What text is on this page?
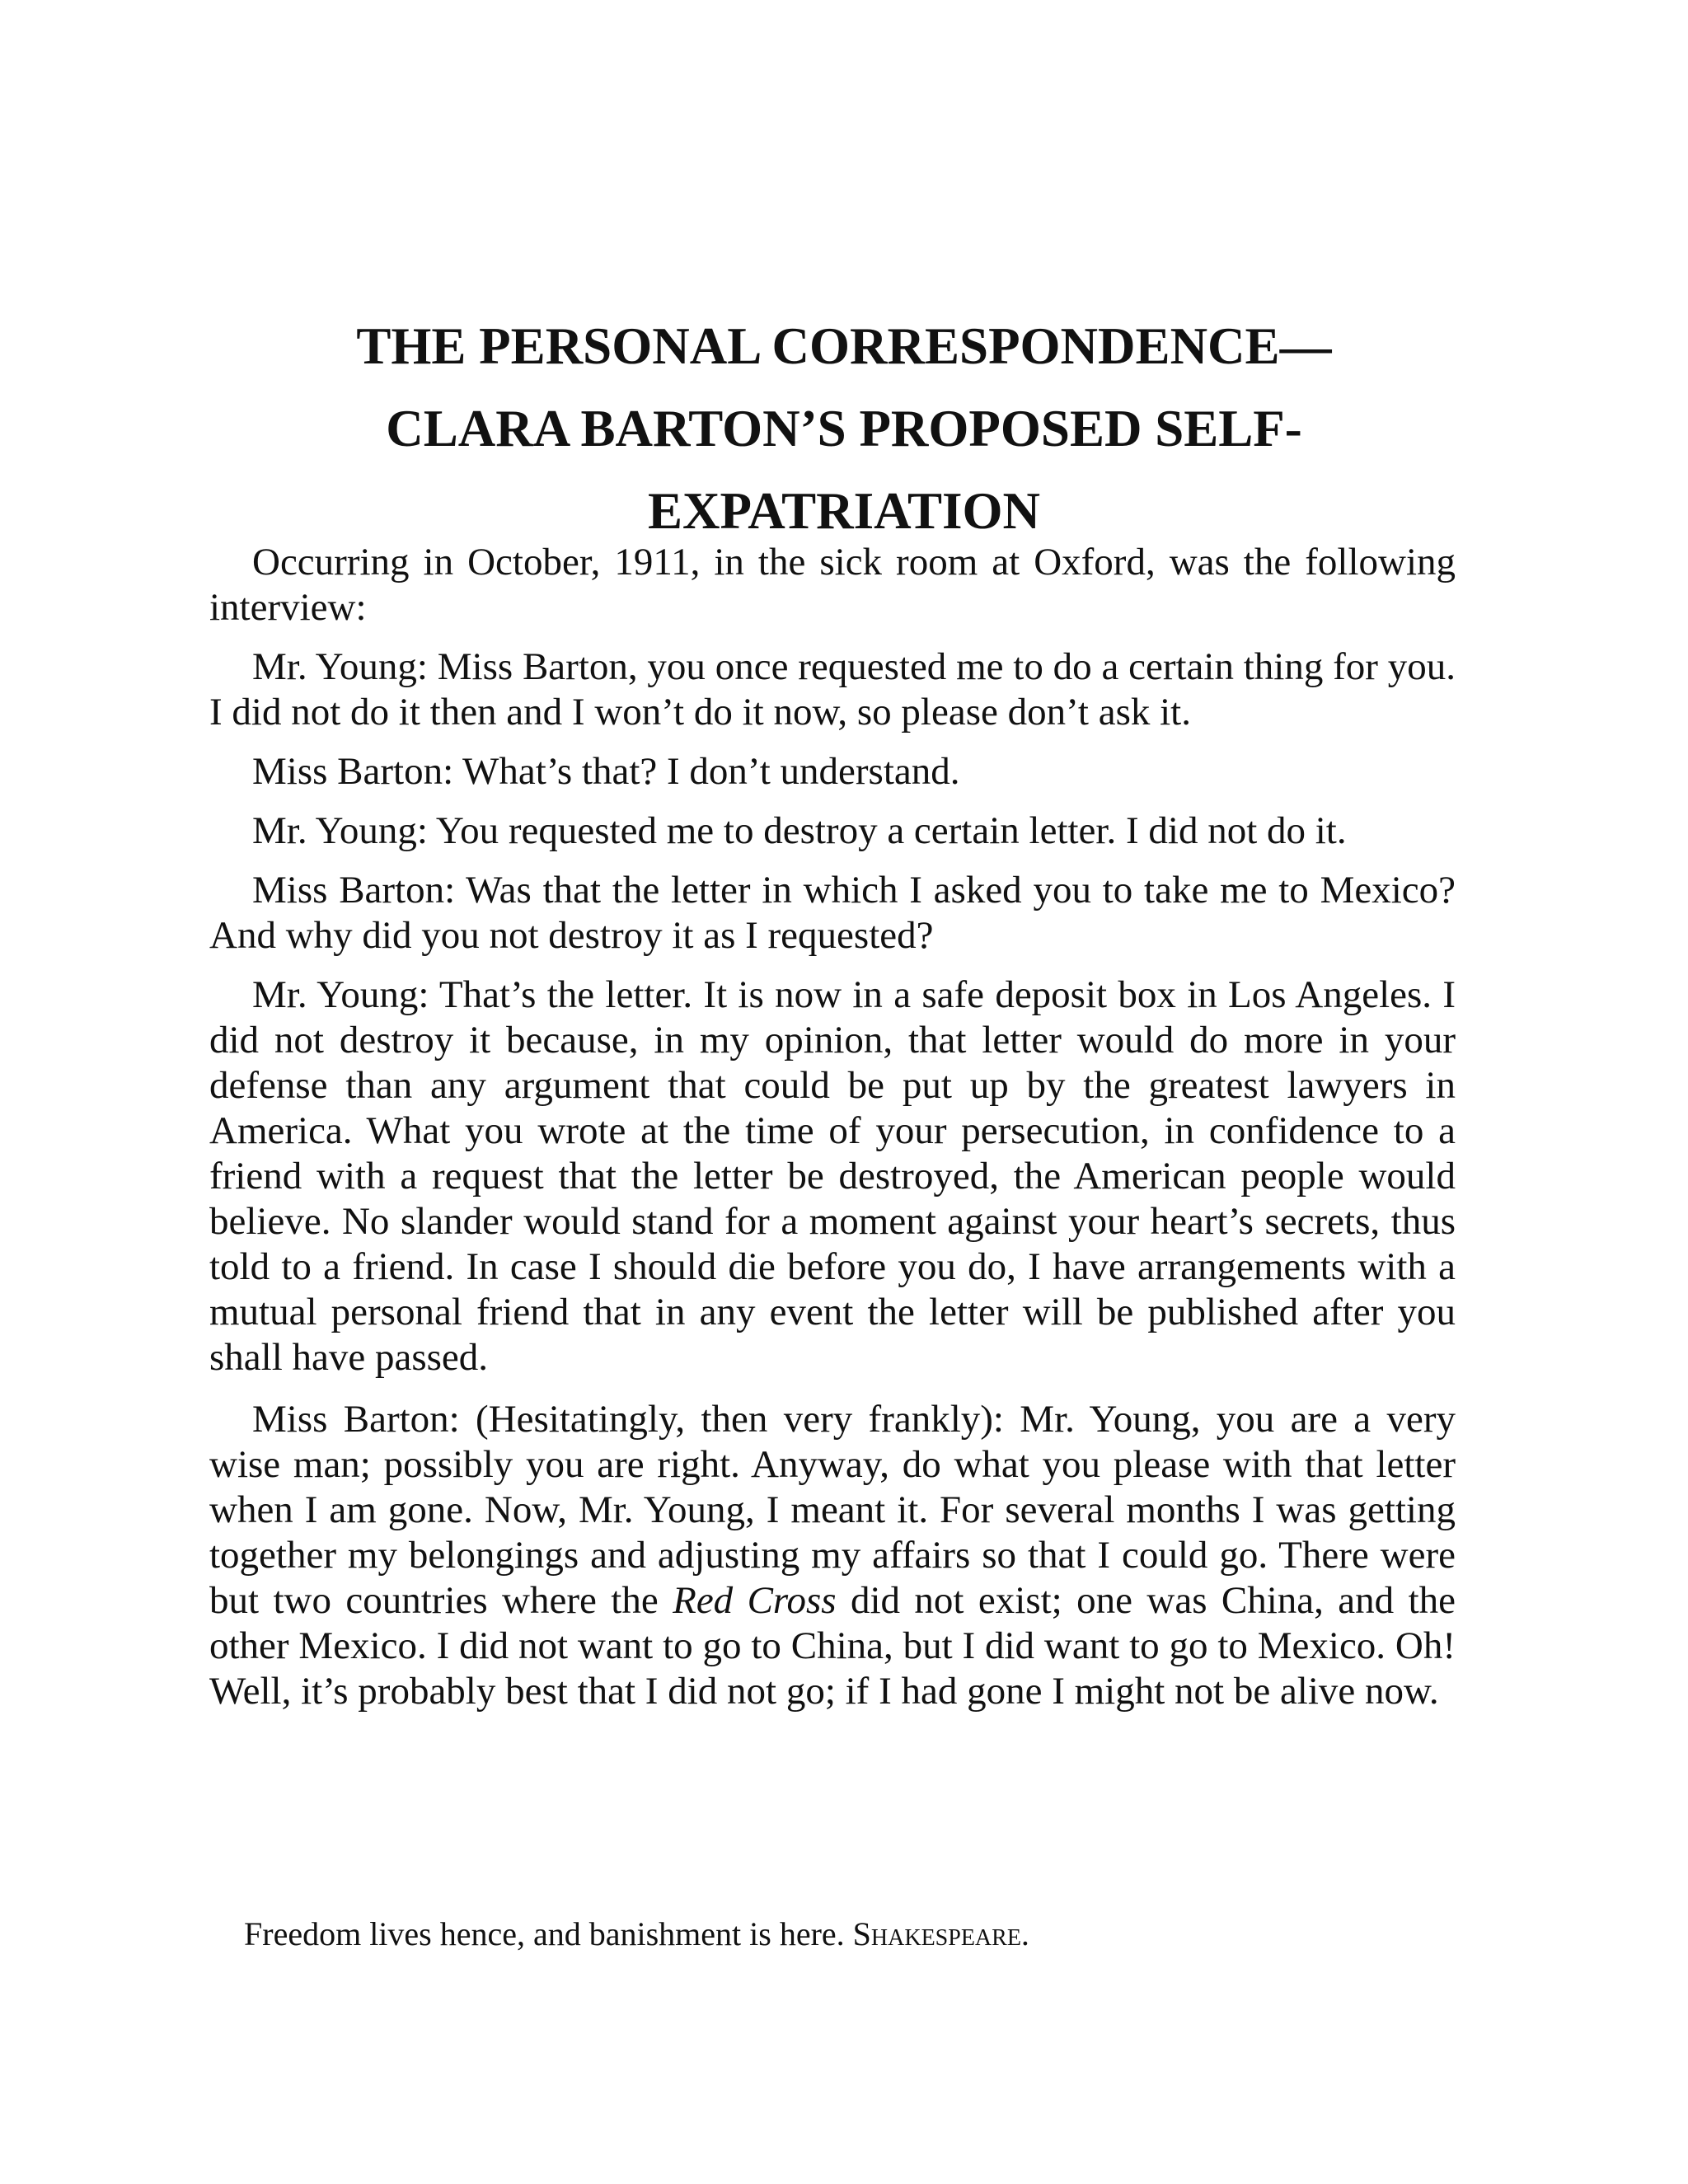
THE PERSONAL CORRESPONDENCE—
CLARA BARTON’S PROPOSED SELF-
EXPATRIATION

Occurring in October, 1911, in the sick room at Oxford, was the following interview:

Mr. Young: Miss Barton, you once requested me to do a certain thing for you. I did not do it then and I won’t do it now, so please don’t ask it.

Miss Barton: What’s that? I don’t understand.

Mr. Young: You requested me to destroy a certain letter. I did not do it.

Miss Barton: Was that the letter in which I asked you to take me to Mexico? And why did you not destroy it as I requested?

Mr. Young: That’s the letter. It is now in a safe deposit box in Los Angeles. I did not destroy it because, in my opinion, that letter would do more in your defense than any argument that could be put up by the greatest lawyers in America. What you wrote at the time of your persecution, in confidence to a friend with a request that the letter be destroyed, the American people would believe. No slander would stand for a moment against your heart’s secrets, thus told to a friend. In case I should die before you do, I have arrangements with a mutual personal friend that in any event the letter will be published after you shall have passed.

Miss Barton: (Hesitatingly, then very frankly): Mr. Young, you are a very wise man; possibly you are right. Anyway, do what you please with that letter when I am gone. Now, Mr. Young, I meant it. For several months I was getting together my belongings and adjusting my affairs so that I could go. There were but two countries where the Red Cross did not exist; one was China, and the other Mexico. I did not want to go to China, but I did want to go to Mexico. Oh! Well, it’s probably best that I did not go; if I had gone I might not be alive now.

Freedom lives hence, and banishment is here. Shakespeare.
